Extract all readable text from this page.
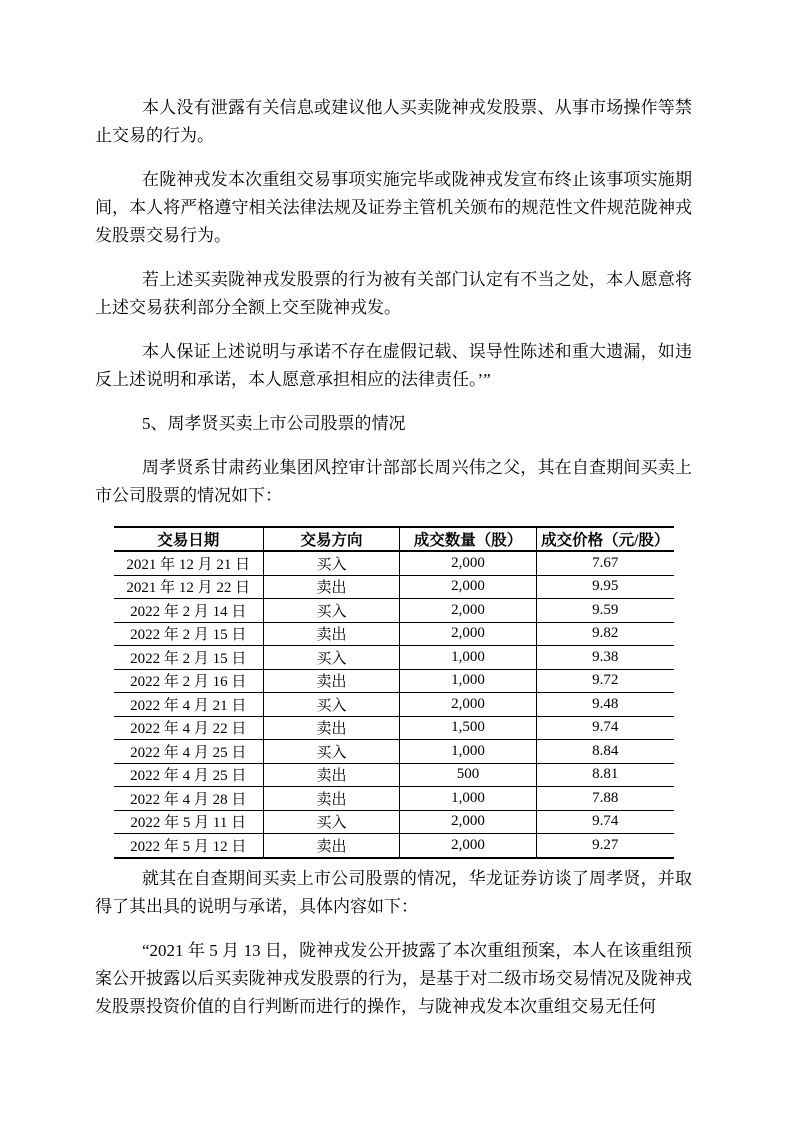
本人没有泄露有关信息或建议他人买卖陇神戎发股票、从事市场操作等禁止交易的行为。

在陇神戎发本次重组交易事项实施完毕或陇神戎发宣布终止该事项实施期间，本人将严格遵守相关法律法规及证券主管机关颁布的规范性文件规范陇神戎发股票交易行为。

若上述买卖陇神戎发股票的行为被有关部门认定有不当之处，本人愿意将上述交易获利部分全额上交至陇神戎发。

本人保证上述说明与承诺不存在虚假记载、误导性陈述和重大遗漏，如违反上述说明和承诺，本人愿意承担相应的法律责任。’”

5、周孝贤买卖上市公司股票的情况

周孝贤系甘肃药业集团风控审计部部长周兴伟之父，其在自查期间买卖上市公司股票的情况如下：

交易日期	交易方向	成交数量（股）	成交价格（元/股）
2021 年 12 月 21 日	买入	2,000	7.67
2021 年 12 月 22 日	卖出	2,000	9.95
2022 年 2 月 14 日	买入	2,000	9.59
2022 年 2 月 15 日	卖出	2,000	9.82
2022 年 2 月 15 日	买入	1,000	9.38
2022 年 2 月 16 日	卖出	1,000	9.72
2022 年 4 月 21 日	买入	2,000	9.48
2022 年 4 月 22 日	卖出	1,500	9.74
2022 年 4 月 25 日	买入	1,000	8.84
2022 年 4 月 25 日	卖出	500	8.81
2022 年 4 月 28 日	卖出	1,000	7.88
2022 年 5 月 11 日	买入	2,000	9.74
2022 年 5 月 12 日	卖出	2,000	9.27

就其在自查期间买卖上市公司股票的情况，华龙证券访谈了周孝贤，并取得了其出具的说明与承诺，具体内容如下：

“2021 年 5 月 13 日，陇神戎发公开披露了本次重组预案，本人在该重组预案公开披露以后买卖陇神戎发股票的行为，是基于对二级市场交易情况及陇神戎发股票投资价值的自行判断而进行的操作，与陇神戎发本次重组交易无任何
